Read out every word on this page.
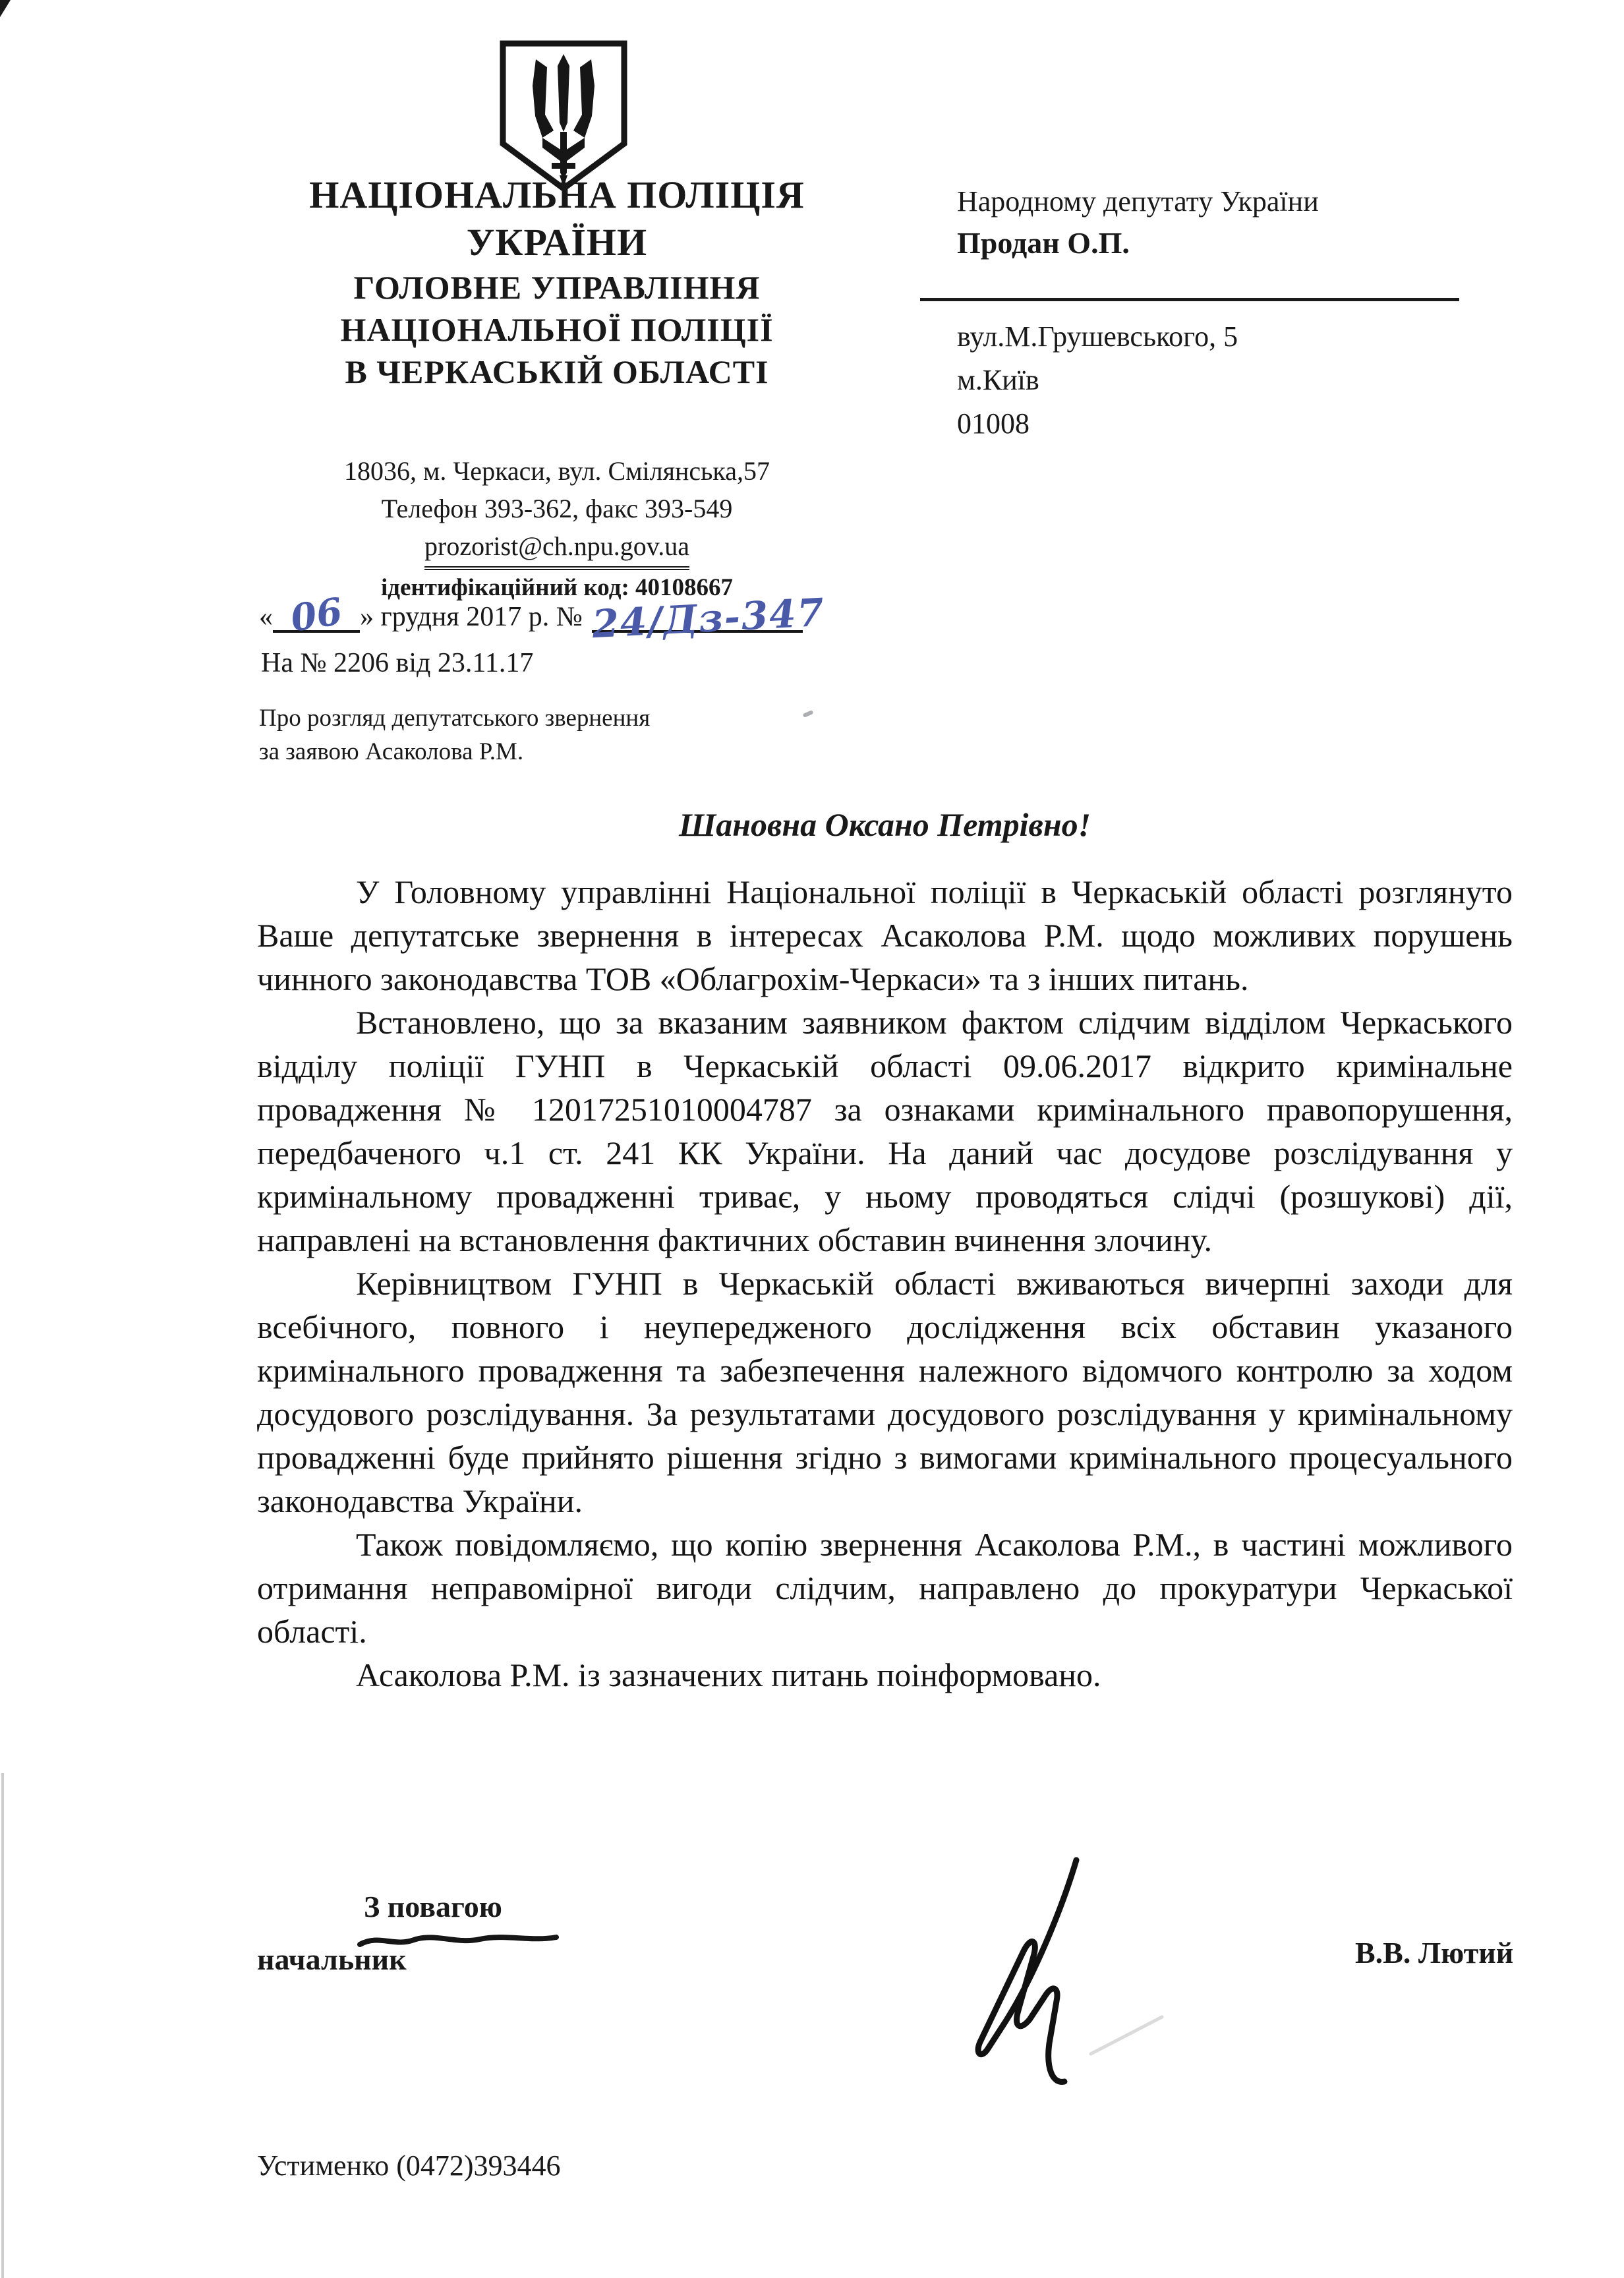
НАЦІОНАЛЬНА ПОЛІЦІЯ
УКРАЇНИ
ГОЛОВНЕ УПРАВЛІННЯ
НАЦІОНАЛЬНОЇ ПОЛІЦІЇ
В ЧЕРКАСЬКІЙ ОБЛАСТІ
18036, м. Черкаси, вул. Смілянська,57
Телефон 393-362, факс 393-549
prozorist@ch.npu.gov.ua
ідентифікаційний код: 40108667
« 06 » грудня 2017 р. № 24/Дз-347
На № 2206 від 23.11.17
Народному депутату України
Продан О.П.
вул.М.Грушевського, 5
м.Київ
01008
Про розгляд депутатського звернення
за заявою Асаколова Р.М.
Шановна Оксано Петрівно!

У Головному управлінні Національної поліції в Черкаській області розглянуто Ваше депутатське звернення в інтересах Асаколова Р.М. щодо можливих порушень чинного законодавства ТОВ «Облагрохім-Черкаси» та з інших питань.

Встановлено, що за вказаним заявником фактом слідчим відділом Черкаського відділу поліції ГУНП в Черкаській області 09.06.2017 відкрито кримінальне провадження № 12017251010004787 за ознаками кримінального правопорушення, передбаченого ч.1 ст. 241 КК України. На даний час досудове розслідування у кримінальному провадженні триває, у ньому проводяться слідчі (розшукові) дії, направлені на встановлення фактичних обставин вчинення злочину.

Керівництвом ГУНП в Черкаській області вживаються вичерпні заходи для всебічного, повного і неупередженого дослідження всіх обставин указаного кримінального провадження та забезпечення належного відомчого контролю за ходом досудового розслідування. За результатами досудового розслідування у кримінальному провадженні буде прийнято рішення згідно з вимогами кримінального процесуального законодавства України.

Також повідомляємо, що копію звернення Асаколова Р.М., в частині можливого отримання неправомірної вигоди слідчим, направлено до прокуратури Черкаської області.

Асаколова Р.М. із зазначених питань поінформовано.

З повагою
начальник	В.В. Лютий
Устименко (0472)393446
